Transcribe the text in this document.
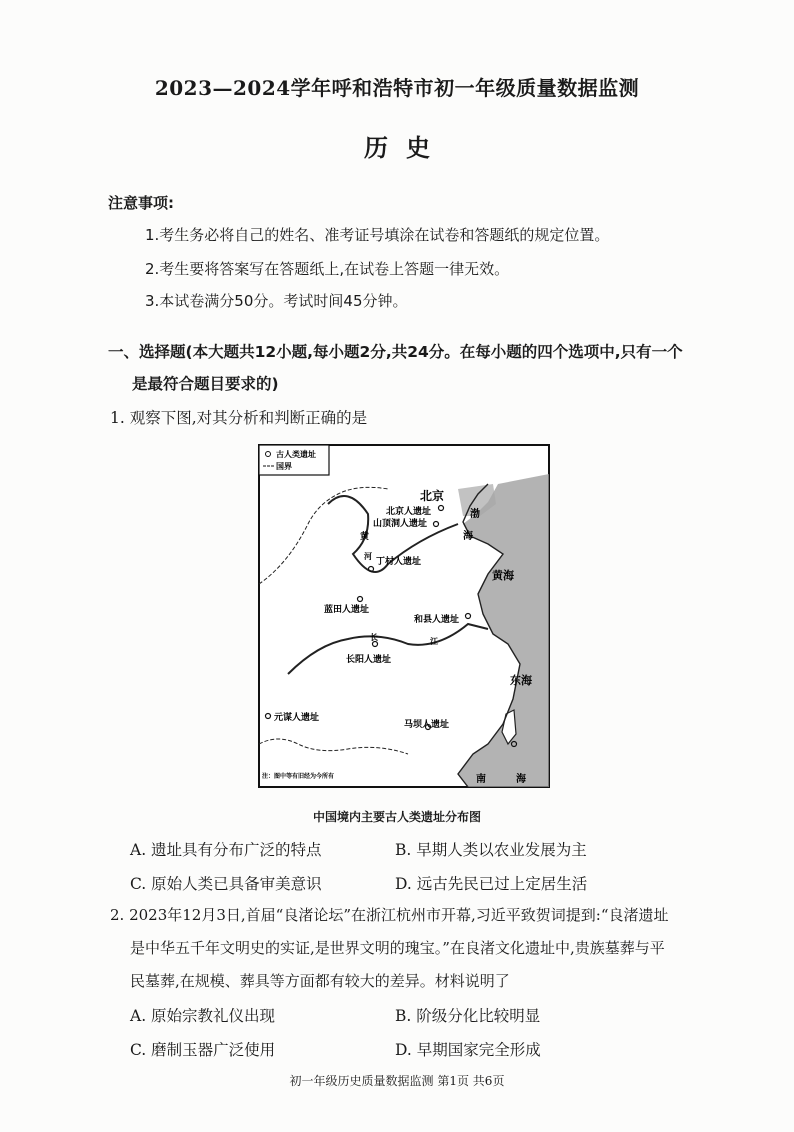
2023—2024学年呼和浩特市初一年级质量数据监测
历史
注意事项:
1.考生务必将自己的姓名、准考证号填涂在试卷和答题纸的规定位置。
2.考生要将答案写在答题纸上,在试卷上答题一律无效。
3.本试卷满分50分。考试时间45分钟。
一、选择题(本大题共12小题,每小题2分,共24分。在每小题的四个选项中,只有一个
是最符合题目要求的)
1. 观察下图,对其分析和判断正确的是
古人类遗址
国界
北京
北京人遗址
山顶洞人遗址
丁村人遗址
蓝田人遗址
和县人遗址
长阳人遗址
元谋人遗址
马坝人遗址
黄
河
长	江
渤
海
黄海
东海
南	海
注：图中等有旧经为今所有
中国境内主要古人类遗址分布图
A. 遗址具有分布广泛的特点	B. 早期人类以农业发展为主
C. 原始人类已具备审美意识	D. 远古先民已过上定居生活
2. 2023年12月3日,首届“良渚论坛”在浙江杭州市开幕,习近平致贺词提到:“良渚遗址
是中华五千年文明史的实证,是世界文明的瑰宝。”在良渚文化遗址中,贵族墓葬与平
民墓葬,在规模、葬具等方面都有较大的差异。材料说明了
A. 原始宗教礼仪出现	B. 阶级分化比较明显
C. 磨制玉器广泛使用	D. 早期国家完全形成
初一年级历史质量数据监测 第1页 共6页
